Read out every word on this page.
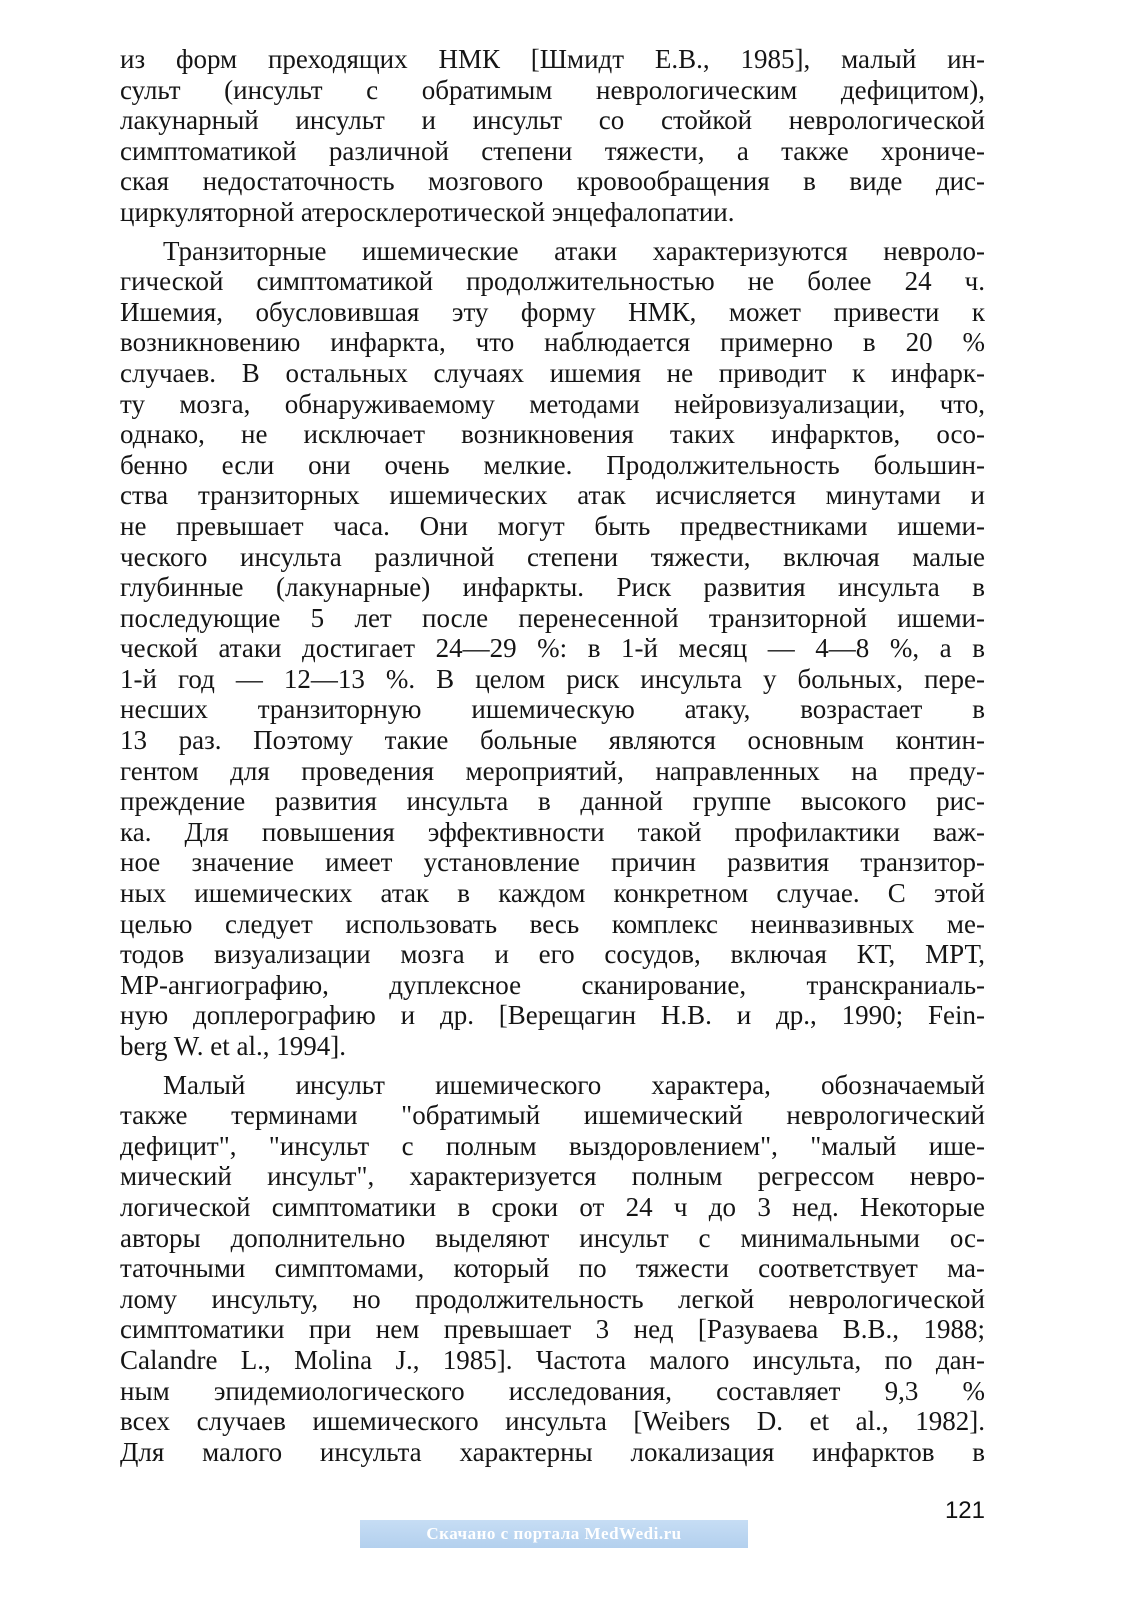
из форм преходящих НМК [Шмидт Е.В., 1985], малый ин-
сульт (инсульт с обратимым неврологическим дефицитом),
лакунарный инсульт и инсульт со стойкой неврологической
симптоматикой различной степени тяжести, а также хрониче-
ская недостаточность мозгового кровообращения в виде дис-
циркуляторной атеросклеротической энцефалопатии.
Транзиторные ишемические атаки характеризуются невроло-
гической симптоматикой продолжительностью не более 24 ч.
Ишемия, обусловившая эту форму НМК, может привести к
возникновению инфаркта, что наблюдается примерно в 20 %
случаев. В остальных случаях ишемия не приводит к инфарк-
ту мозга, обнаруживаемому методами нейровизуализации, что,
однако, не исключает возникновения таких инфарктов, осо-
бенно если они очень мелкие. Продолжительность большин-
ства транзиторных ишемических атак исчисляется минутами и
не превышает часа. Они могут быть предвестниками ишеми-
ческого инсульта различной степени тяжести, включая малые
глубинные (лакунарные) инфаркты. Риск развития инсульта в
последующие 5 лет после перенесенной транзиторной ишеми-
ческой атаки достигает 24—29 %: в 1-й месяц — 4—8 %, а в
1-й год — 12—13 %. В целом риск инсульта у больных, пере-
несших транзиторную ишемическую атаку, возрастает в
13 раз. Поэтому такие больные являются основным контин-
гентом для проведения мероприятий, направленных на преду-
преждение развития инсульта в данной группе высокого рис-
ка. Для повышения эффективности такой профилактики важ-
ное значение имеет установление причин развития транзитор-
ных ишемических атак в каждом конкретном случае. С этой
целью следует использовать весь комплекс неинвазивных ме-
тодов визуализации мозга и его сосудов, включая КТ, МРТ,
МР-ангиографию, дуплексное сканирование, транскраниаль-
ную доплерографию и др. [Верещагин Н.В. и др., 1990; Fein-
berg W. et al., 1994].
Малый инсульт ишемического характера, обозначаемый
также терминами "обратимый ишемический неврологический
дефицит", "инсульт с полным выздоровлением", "малый ише-
мический инсульт", характеризуется полным регрессом невро-
логической симптоматики в сроки от 24 ч до 3 нед. Некоторые
авторы дополнительно выделяют инсульт с минимальными ос-
таточными симптомами, который по тяжести соответствует ма-
лому инсульту, но продолжительность легкой неврологической
симптоматики при нем превышает 3 нед [Разуваева В.В., 1988;
Calandre L., Molina J., 1985]. Частота малого инсульта, по дан-
ным эпидемиологического исследования, составляет 9,3 %
всех случаев ишемического инсульта [Weibers D. et al., 1982].
Для малого инсульта характерны локализация инфарктов в
121
Скачано с портала MedWedi.ru
